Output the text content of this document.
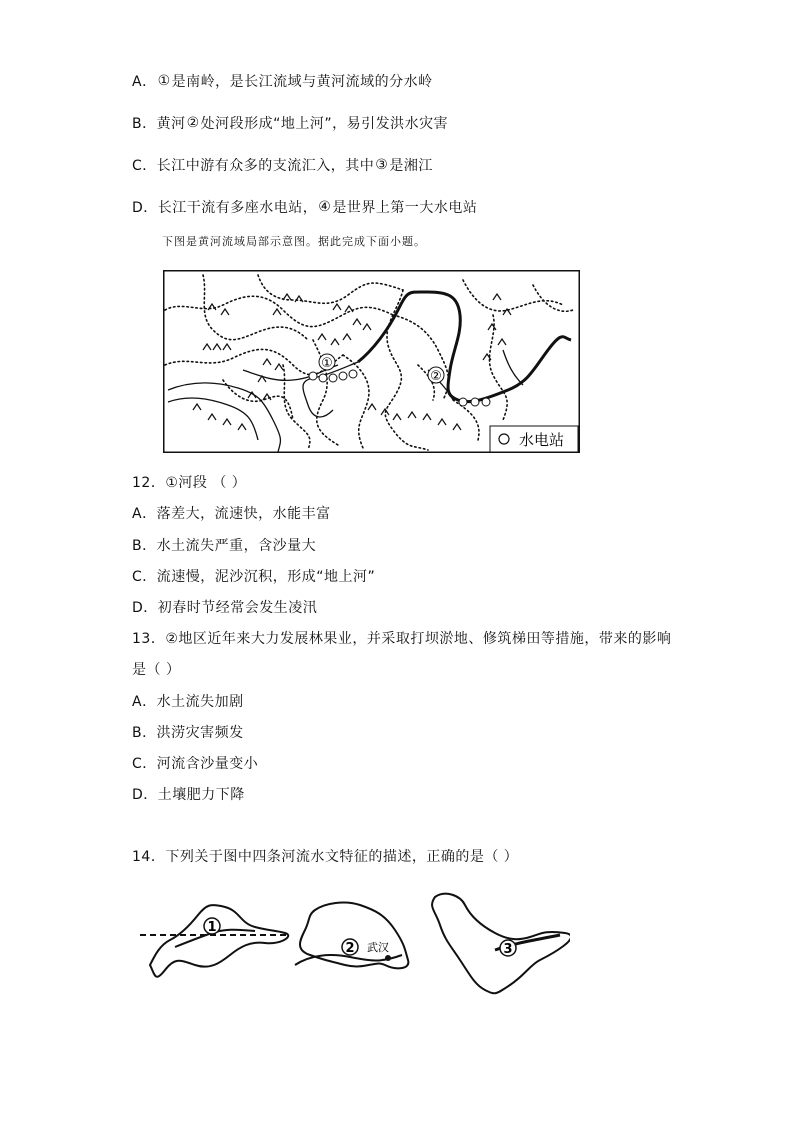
A．①是南岭，是长江流域与黄河流域的分水岭
B．黄河②处河段形成“地上河”，易引发洪水灾害
C．长江中游有众多的支流汇入，其中③是湘江
D．长江干流有多座水电站，④是世界上第一大水电站
下图是黄河流域局部示意图。据此完成下面小题。
①
②
水电站
12．①河段 （ ）
A．落差大，流速快，水能丰富
B．水土流失严重，含沙量大
C．流速慢，泥沙沉积，形成“地上河”
D．初春时节经常会发生凌汛
13．②地区近年来大力发展林果业，并采取打坝淤地、修筑梯田等措施，带来的影响
是（ ）
A．水土流失加剧
B．洪涝灾害频发
C．河流含沙量变小
D．土壤肥力下降
14．下列关于图中四条河流水文特征的描述，正确的是（ ）
1
2	3
武汉
